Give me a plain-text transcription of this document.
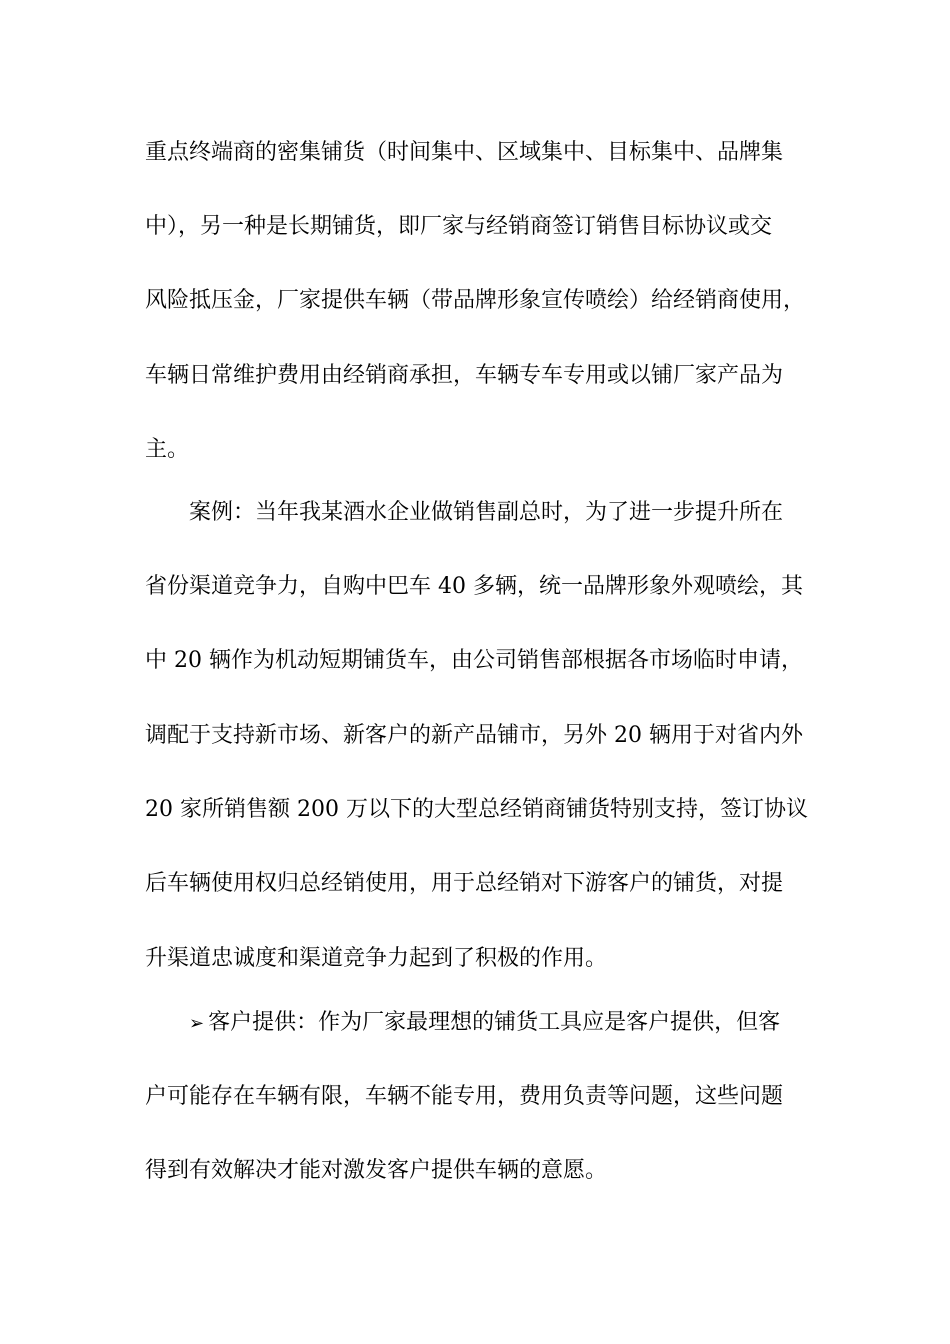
重点终端商的密集铺货（时间集中、区域集中、目标集中、品牌集
中），另一种是长期铺货，即厂家与经销商签订销售目标协议或交
风险抵压金，厂家提供车辆（带品牌形象宣传喷绘）给经销商使用，
车辆日常维护费用由经销商承担，车辆专车专用或以铺厂家产品为
主。
案例：当年我某酒水企业做销售副总时，为了进一步提升所在
省份渠道竞争力，自购中巴车 40 多辆，统一品牌形象外观喷绘，其
中 20 辆作为机动短期铺货车，由公司销售部根据各市场临时申请，
调配于支持新市场、新客户的新产品铺市，另外 20 辆用于对省内外
20 家所销售额 200 万以下的大型总经销商铺货特别支持，签订协议
后车辆使用权归总经销使用，用于总经销对下游客户的铺货，对提
升渠道忠诚度和渠道竞争力起到了积极的作用。
➢ 客户提供：作为厂家最理想的铺货工具应是客户提供，但客
户可能存在车辆有限，车辆不能专用，费用负责等问题，这些问题
得到有效解决才能对激发客户提供车辆的意愿。
